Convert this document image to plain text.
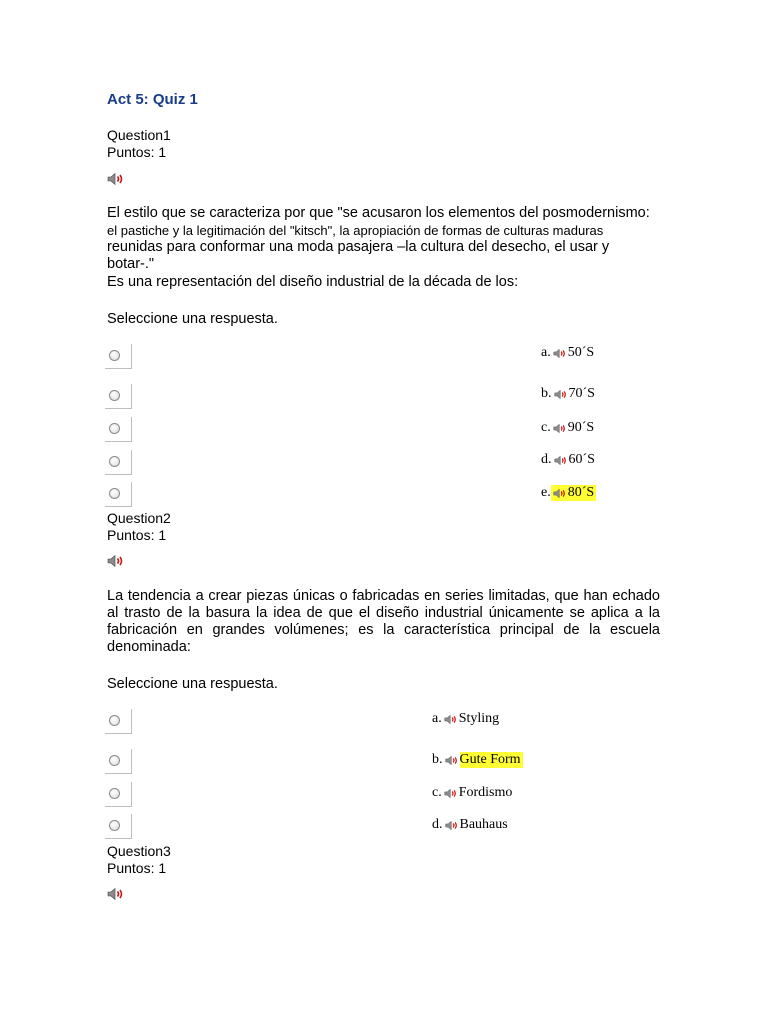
Act 5: Quiz 1
Question1
Puntos: 1
El estilo que se caracteriza por que "se acusaron los elementos del posmodernismo:
el pastiche y la legitimación del "kitsch", la apropiación de formas de culturas maduras
reunidas para conformar una moda pasajera –la cultura del desecho, el usar y botar-."
Es una representación del diseño industrial de la década de los:
Seleccione una respuesta.
a. 50´S
b. 70´S
c. 90´S
d. 60´S
e. 80´S
Question2
Puntos: 1
La tendencia a crear piezas únicas o fabricadas en series limitadas, que han echado al trasto de la basura la idea de que el diseño industrial únicamente se aplica a la fabricación en grandes volúmenes; es la característica principal de la escuela denominada:
Seleccione una respuesta.
a. Styling
b. Gute Form
c. Fordismo
d. Bauhaus
Question3
Puntos: 1
